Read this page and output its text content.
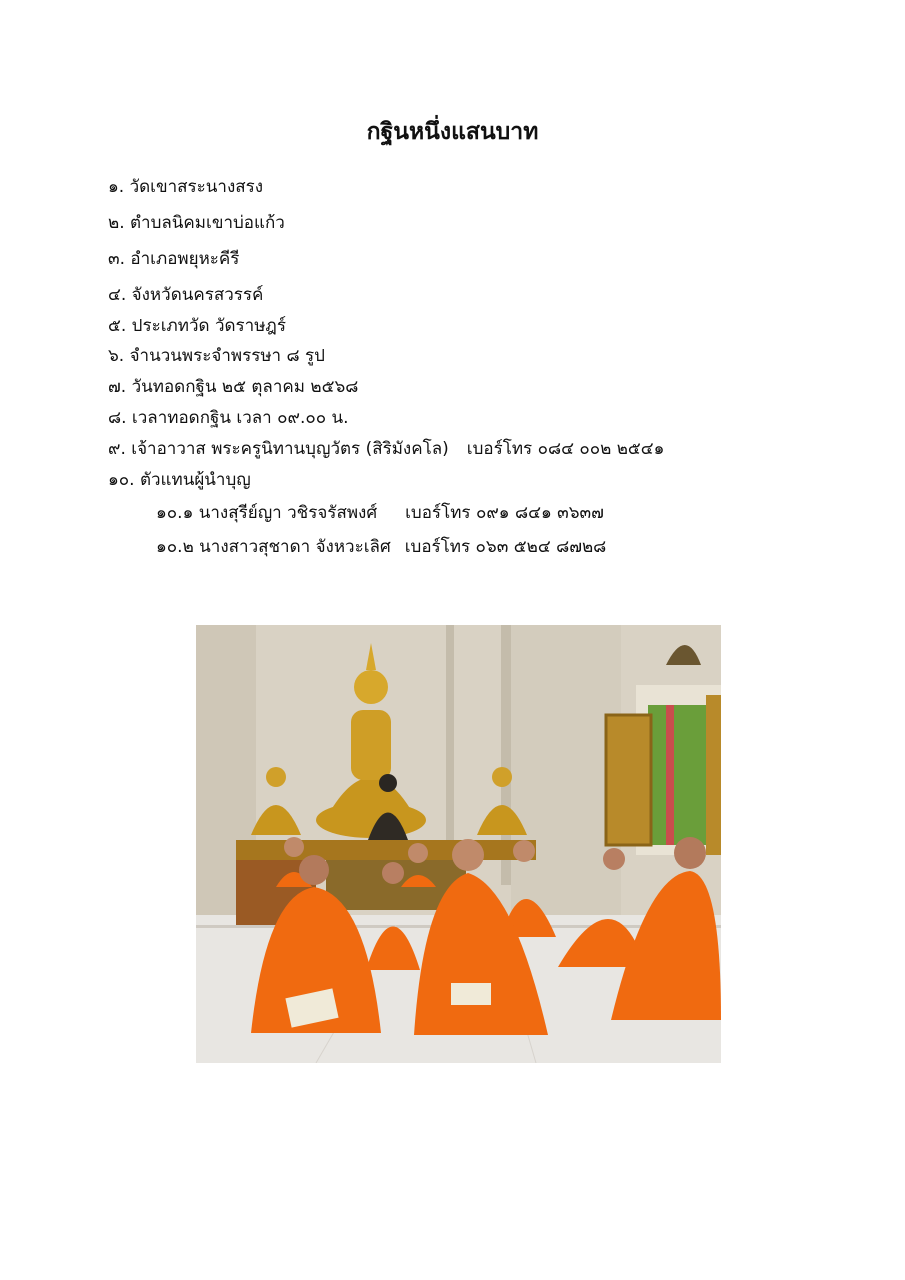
กฐินหนึ่งแสนบาท
๑. วัดเขาสระนางสรง
๒. ตำบลนิคมเขาบ่อแก้ว
๓. อำเภอพยุหะคีรี
๔. จังหวัดนครสวรรค์
๕. ประเภทวัด วัดราษฎร์
๖. จำนวนพระจำพรรษา ๘ รูป
๗. วันทอดกฐิน ๒๕ ตุลาคม ๒๕๖๘
๘. เวลาทอดกฐิน เวลา ๐๙.๐๐ น.
๙. เจ้าอาวาส พระครูนิทานบุญวัตร (สิริมังคโล) เบอร์โทร ๐๘๔ ๐๐๒ ๒๕๔๑
๑๐. ตัวแทนผู้นำบุญ
๑๐.๑ นางสุรีย์ญา วชิรจรัสพงศ์ เบอร์โทร ๐๙๑ ๘๔๑ ๓๖๓๗
๑๐.๒ นางสาวสุชาดา จังหวะเลิศ เบอร์โทร ๐๖๓ ๕๒๔ ๘๗๒๘
